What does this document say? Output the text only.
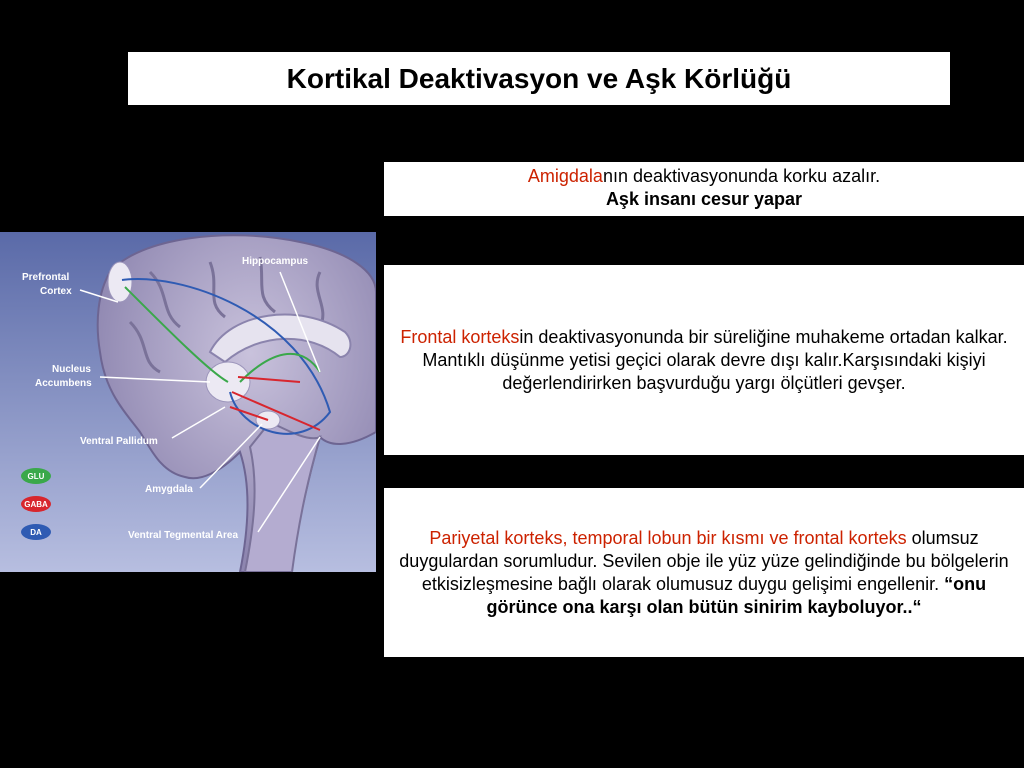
Kortikal Deaktivasyon ve Aşk Körlüğü
Prefrontal
Cortex
Hippocampus
Nucleus
Accumbens
Ventral Pallidum
Amygdala
Ventral Tegmental Area
GLU
GABA
DA
Amigdalanın deaktivasyonunda korku azalır.
Aşk insanı cesur yapar
Frontal korteksin deaktivasyonunda bir süreliğine muhakeme ortadan kalkar. Mantıklı düşünme yetisi geçici olarak devre dışı kalır.Karşısındaki kişiyi değerlendirirken başvurduğu yargı ölçütleri gevşer.
Pariyetal korteks, temporal lobun bir kısmı ve frontal korteks olumsuz duygulardan sorumludur. Sevilen obje ile yüz yüze gelindiğinde bu bölgelerin etkisizleşmesine bağlı olarak olumusuz duygu gelişimi engellenir. “onu görünce ona karşı olan bütün sinirim kayboluyor..“
